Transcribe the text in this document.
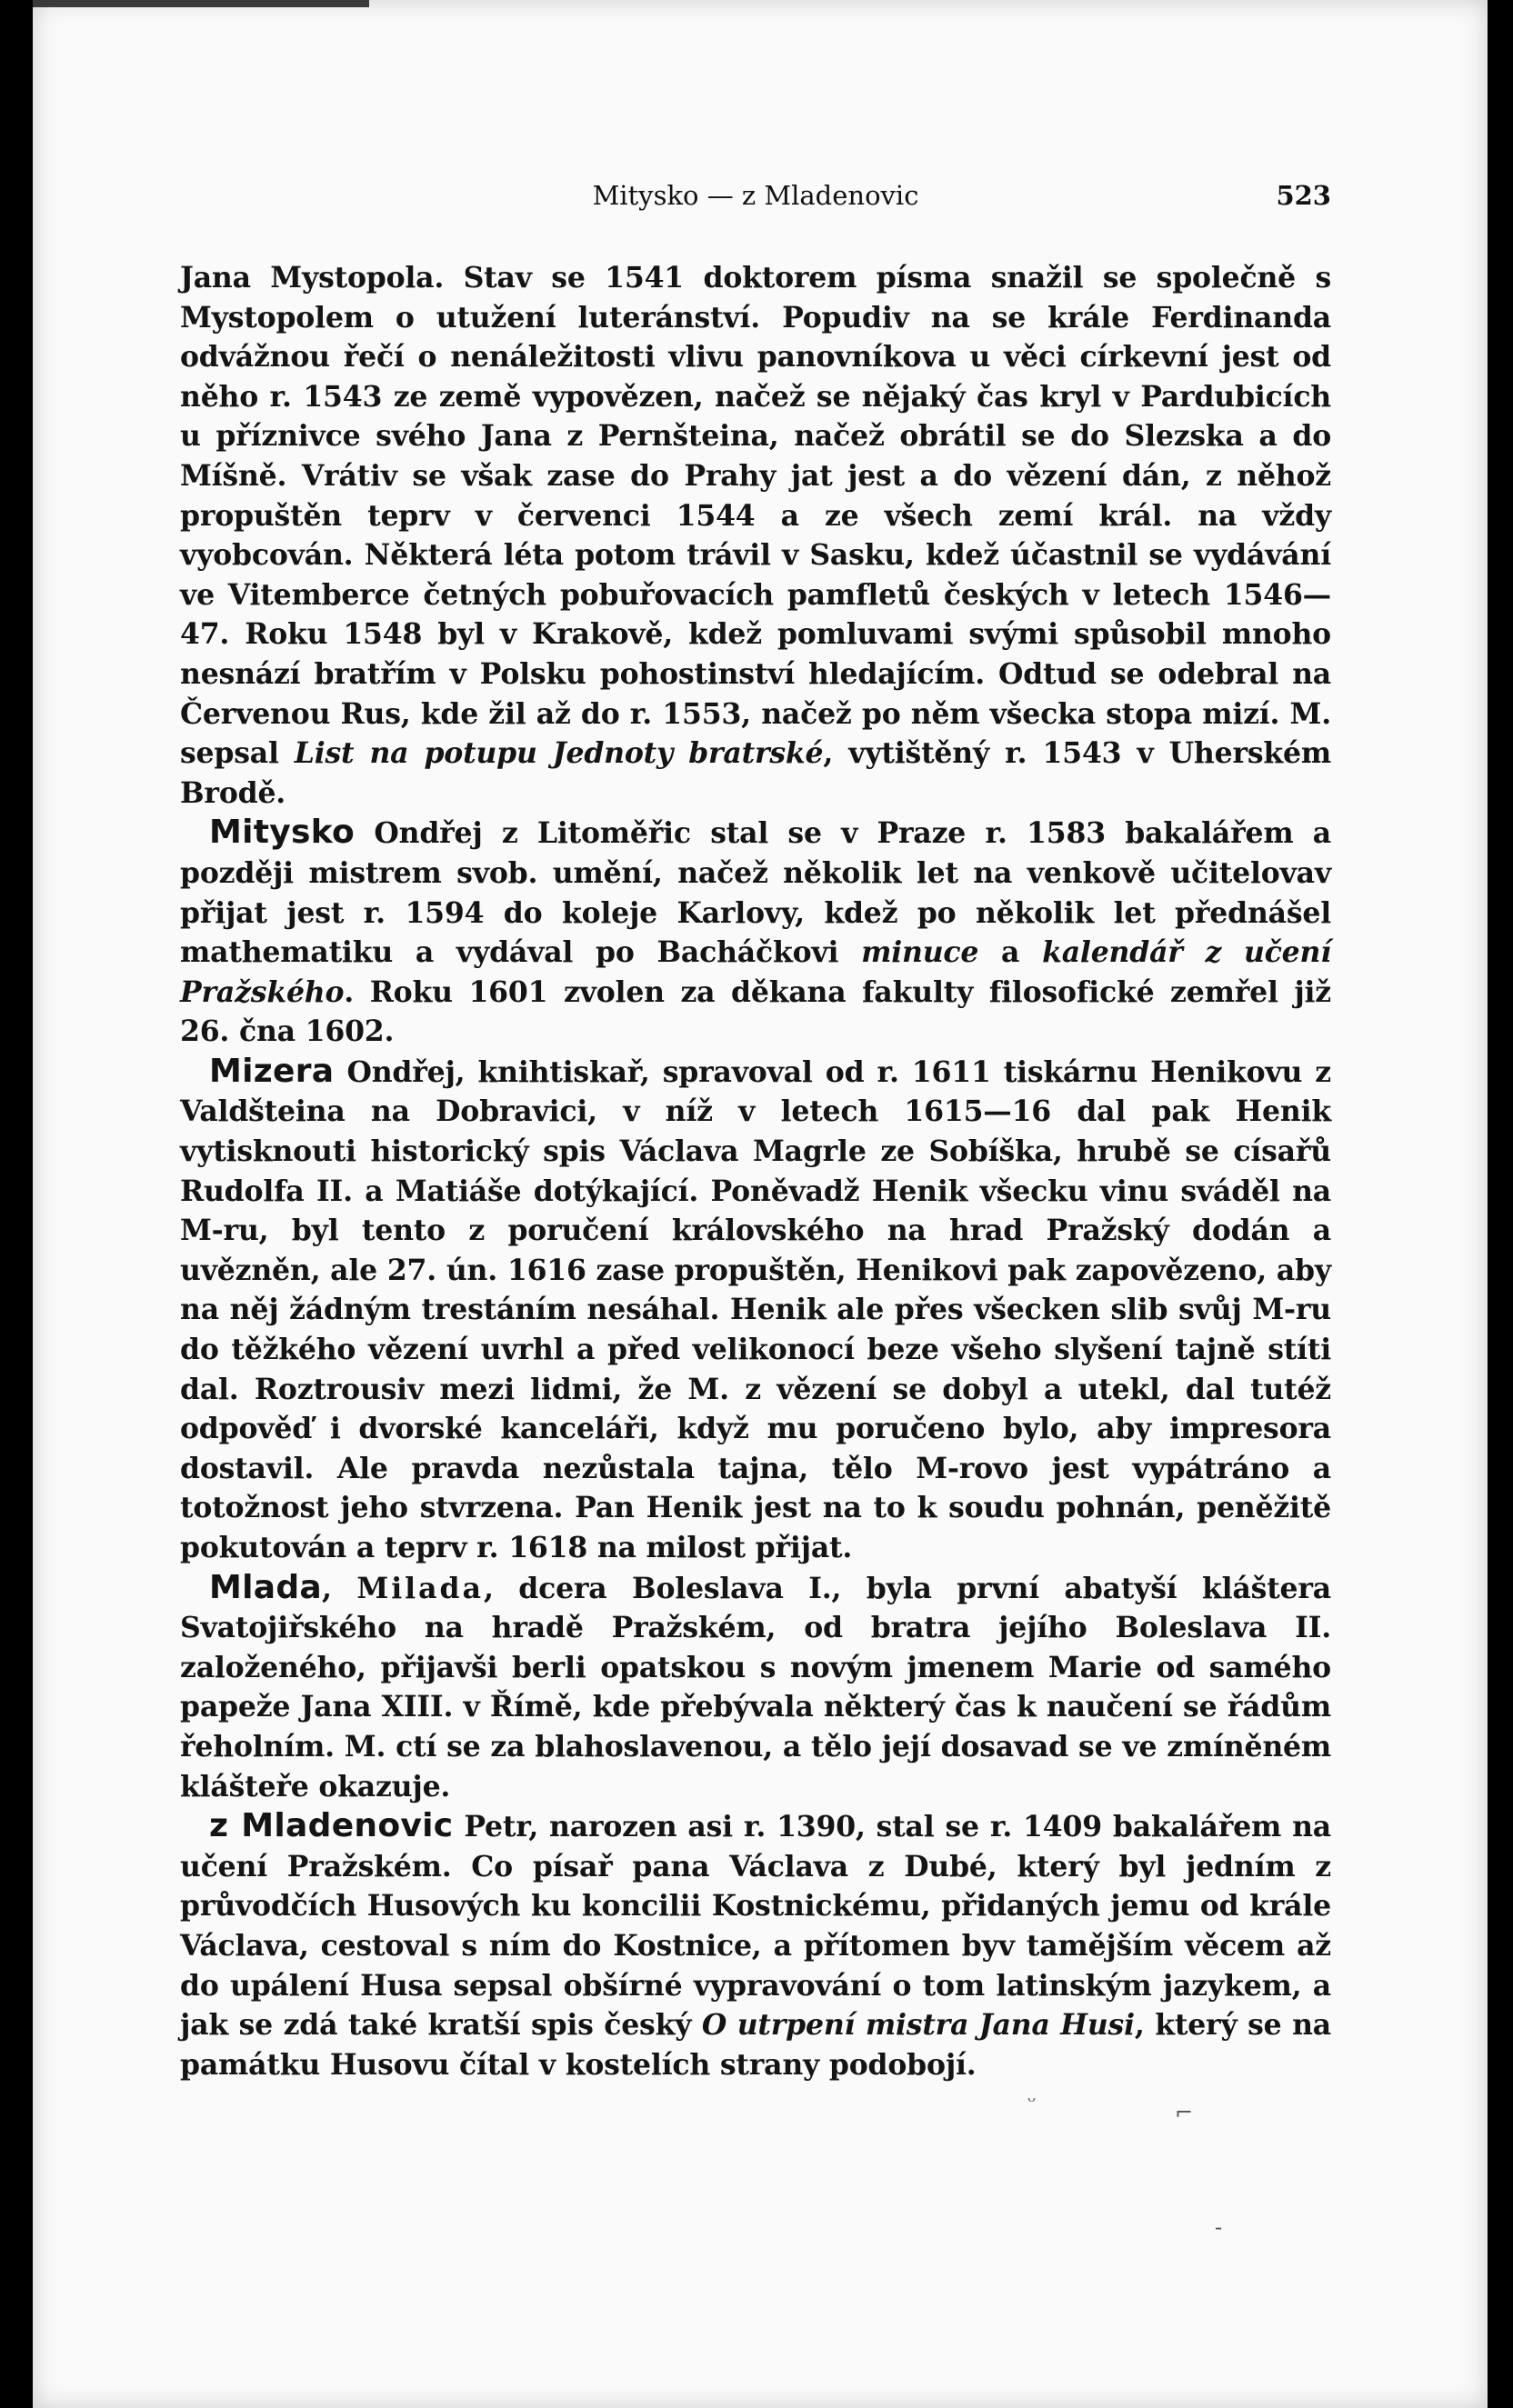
Mitysko — z Mladenovic	523

Jana Mystopola. Stav se 1541 doktorem písma snažil se společně s Mystopolem o utužení luteránství. Popudiv na se krále Ferdinanda odvážnou řečí o nenáležitosti vlivu panovníkova u věci církevní jest od něho r. 1543 ze země vypovězen, načež se nějaký čas kryl v Pardubicích u příznivce svého Jana z Pernšteina, načež obrátil se do Slezska a do Míšně. Vrátiv se však zase do Prahy jat jest a do vězení dán, z něhož propuštěn teprv v červenci 1544 a ze všech zemí král. na vždy vyobcován. Některá léta potom trávil v Sasku, kdež účastnil se vydávání ve Vitemberce četných pobuřovacích pamfletů českých v letech 1546—47. Roku 1548 byl v Krakově, kdež pomluvami svými spůsobil mnoho nesnází bratřím v Polsku pohostinství hledajícím. Odtud se odebral na Červenou Rus, kde žil až do r. 1553, načež po něm všecka stopa mizí. M. sepsal List na potupu Jednoty bratrské, vytištěný r. 1543 v Uherském Brodě.

Mitysko Ondřej z Litoměřic stal se v Praze r. 1583 bakalářem a později mistrem svob. umění, načež několik let na venkově učitelovav přijat jest r. 1594 do koleje Karlovy, kdež po několik let přednášel mathematiku a vydával po Bacháčkovi minuce a kalendář z učení Pražského. Roku 1601 zvolen za děkana fakulty filosofické zemřel již 26. čna 1602.

Mizera Ondřej, knihtiskař, spravoval od r. 1611 tiskárnu Henikovu z Valdšteina na Dobravici, v níž v letech 1615—16 dal pak Henik vytisknouti historický spis Václava Magrle ze Sobíška, hrubě se císařů Rudolfa II. a Matiáše dotýkající. Poněvadž Henik všecku vinu sváděl na M-ru, byl tento z poručení královského na hrad Pražský dodán a uvězněn, ale 27. ún. 1616 zase propuštěn, Henikovi pak zapovězeno, aby na něj žádným trestáním nesáhal. Henik ale přes všecken slib svůj M-ru do těžkého vězení uvrhl a před velikonocí beze všeho slyšení tajně stíti dal. Roztrousiv mezi lidmi, že M. z vězení se dobyl a utekl, dal tutéž odpověď i dvorské kanceláři, když mu poručeno bylo, aby impresora dostavil. Ale pravda nezůstala tajna, tělo M-rovo jest vypátráno a totožnost jeho stvrzena. Pan Henik jest na to k soudu pohnán, peněžitě pokutován a teprv r. 1618 na milost přijat.

Mlada, Milada, dcera Boleslava I., byla první abatyší kláštera Svatojiřského na hradě Pražském, od bratra jejího Boleslava II. založeného, přijavši berli opatskou s novým jmenem Marie od samého papeže Jana XIII. v Římě, kde přebývala některý čas k naučení se řádům řeholním. M. ctí se za blahoslavenou, a tělo její dosavad se ve zmíněném klášteře okazuje.

z Mladenovic Petr, narozen asi r. 1390, stal se r. 1409 bakalářem na učení Pražském. Co písař pana Václava z Dubé, který byl jedním z průvodčích Husových ku koncilii Kostnickému, přidaných jemu od krále Václava, cestoval s ním do Kostnice, a přítomen byv tamějším věcem až do upálení Husa sepsal obšírné vypravování o tom latinským jazykem, a jak se zdá také kratší spis český O utrpení mistra Jana Husi, který se na památku Husovu čítal v kostelích strany podobojí.

⌐
ᵕ
-
